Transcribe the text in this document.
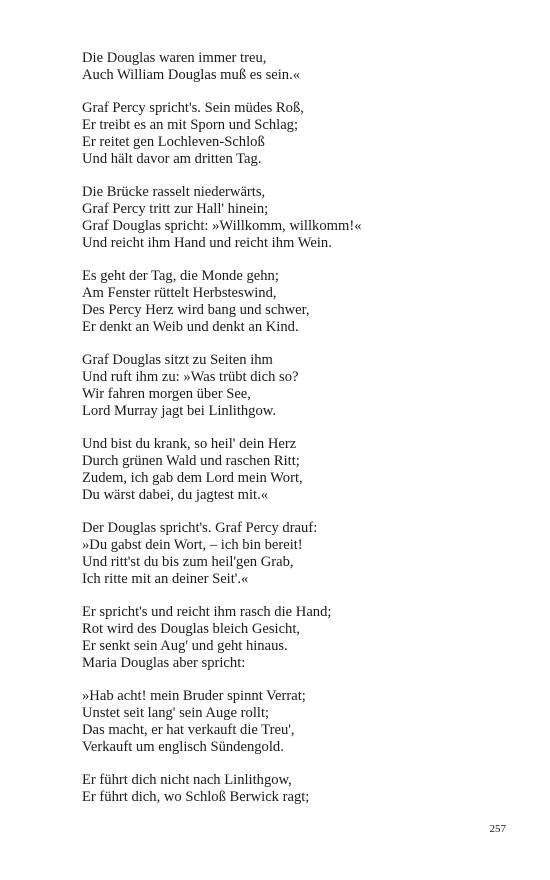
Die Douglas waren immer treu,
Auch William Douglas muß es sein.«
Graf Percy spricht's. Sein müdes Roß,
Er treibt es an mit Sporn und Schlag;
Er reitet gen Lochleven-Schloß
Und hält davor am dritten Tag.
Die Brücke rasselt niederwärts,
Graf Percy tritt zur Hall' hinein;
Graf Douglas spricht: »Willkomm, willkomm!«
Und reicht ihm Hand und reicht ihm Wein.
Es geht der Tag, die Monde gehn;
Am Fenster rüttelt Herbsteswind,
Des Percy Herz wird bang und schwer,
Er denkt an Weib und denkt an Kind.
Graf Douglas sitzt zu Seiten ihm
Und ruft ihm zu: »Was trübt dich so?
Wir fahren morgen über See,
Lord Murray jagt bei Linlithgow.
Und bist du krank, so heil' dein Herz
Durch grünen Wald und raschen Ritt;
Zudem, ich gab dem Lord mein Wort,
Du wärst dabei, du jagtest mit.«
Der Douglas spricht's. Graf Percy drauf:
»Du gabst dein Wort, – ich bin bereit!
Und ritt'st du bis zum heil'gen Grab,
Ich ritte mit an deiner Seit'.«
Er spricht's und reicht ihm rasch die Hand;
Rot wird des Douglas bleich Gesicht,
Er senkt sein Aug' und geht hinaus.
Maria Douglas aber spricht:
»Hab acht! mein Bruder spinnt Verrat;
Unstet seit lang' sein Auge rollt;
Das macht, er hat verkauft die Treu',
Verkauft um englisch Sündengold.
Er führt dich nicht nach Linlithgow,
Er führt dich, wo Schloß Berwick ragt;
257
